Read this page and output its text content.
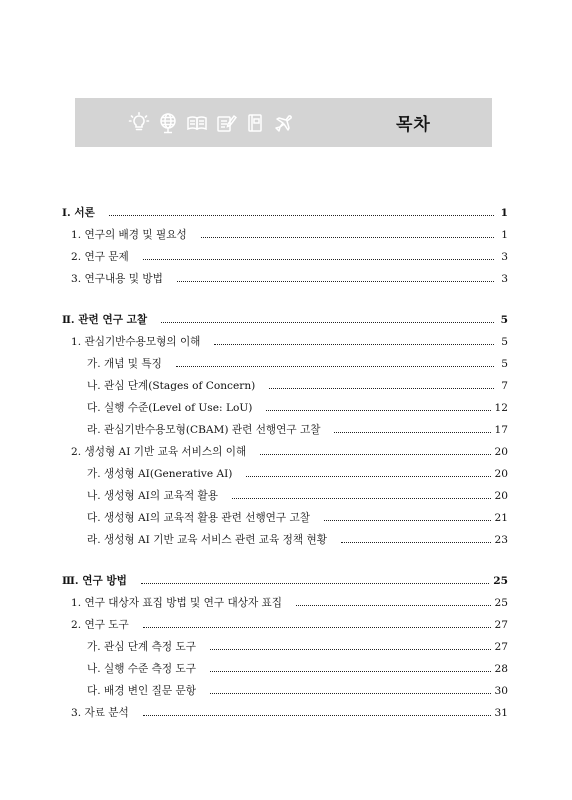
목차
Ⅰ. 서론	1
1. 연구의 배경 및 필요성	1
2. 연구 문제	3
3. 연구내용 및 방법	3
Ⅱ. 관련 연구 고찰	5
1. 관심기반수용모형의 이해	5
가. 개념 및 특징	5
나. 관심 단계(Stages of Concern)	7
다. 실행 수준(Level of Use: LoU)	12
라. 관심기반수용모형(CBAM) 관련 선행연구 고찰	17
2. 생성형 AI 기반 교육 서비스의 이해	20
가. 생성형 AI(Generative AI)	20
나. 생성형 AI의 교육적 활용	20
다. 생성형 AI의 교육적 활용 관련 선행연구 고찰	21
라. 생성형 AI 기반 교육 서비스 관련 교육 정책 현황	23
Ⅲ. 연구 방법	25
1. 연구 대상자 표집 방법 및 연구 대상자 표집	25
2. 연구 도구	27
가. 관심 단계 측정 도구	27
나. 실행 수준 측정 도구	28
다. 배경 변인 질문 문항	30
3. 자료 분석	31
